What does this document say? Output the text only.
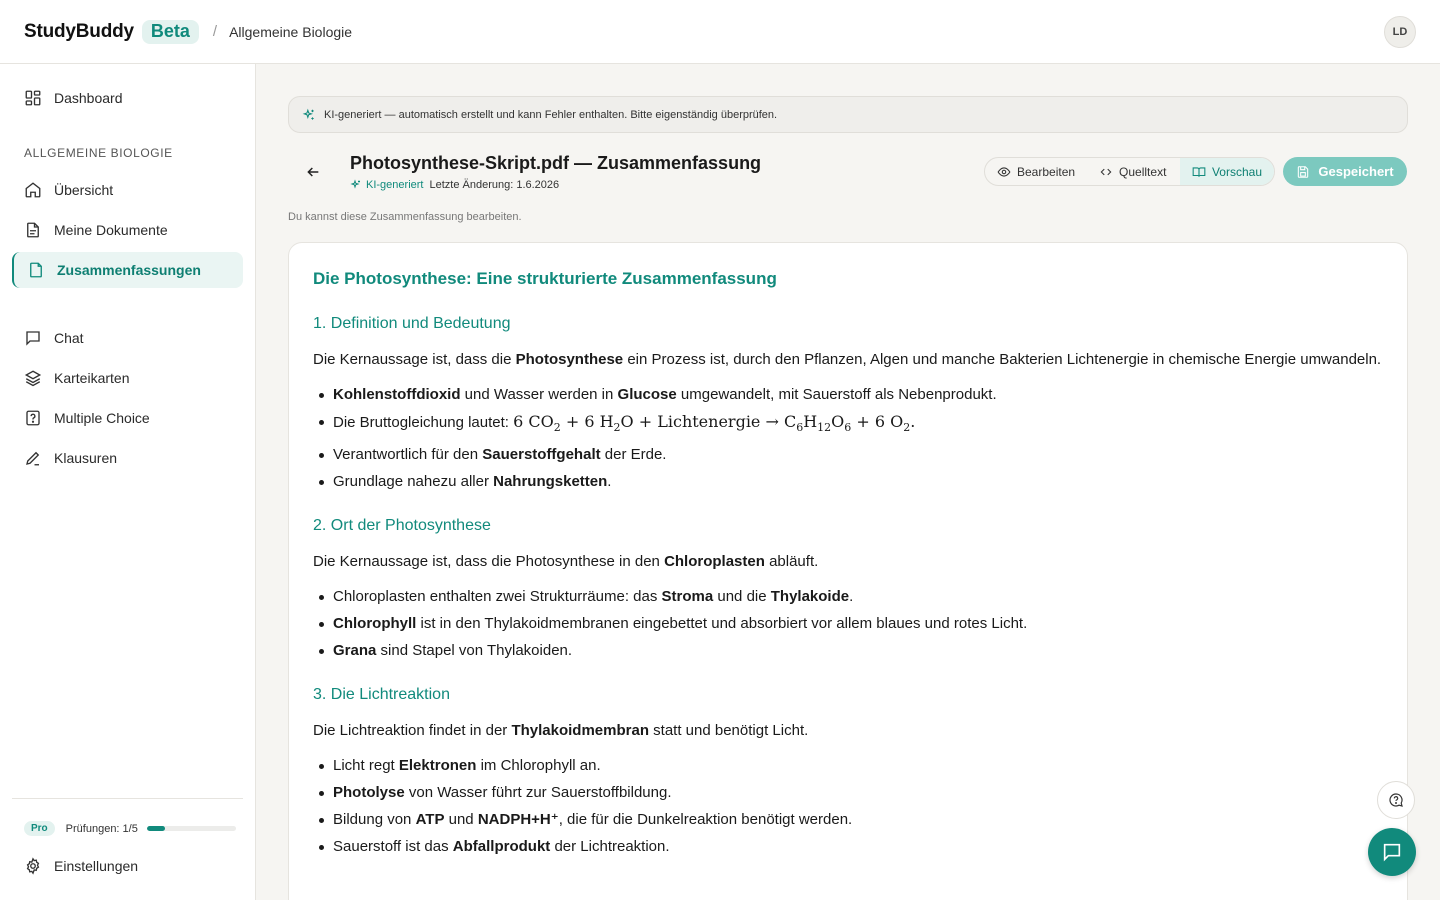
StudyBuddy Beta	/ Allgemeine Biologie	LD
Dashboard
ALLGEMEINE BIOLOGIE
Übersicht
Meine Dokumente
Zusammenfassungen
Chat
Karteikarten
Multiple Choice
Klausuren
Pro	Prüfungen: 1/5
Einstellungen
KI-generiert — automatisch erstellt und kann Fehler enthalten. Bitte eigenständig überprüfen.
Photosynthese-Skript.pdf — Zusammenfassung
KI-generiert Letzte Änderung: 1.6.2026
Bearbeiten	Quelltext	Vorschau	Gespeichert
Du kannst diese Zusammenfassung bearbeiten.
Die Photosynthese: Eine strukturierte Zusammenfassung
1. Definition und Bedeutung

Die Kernaussage ist, dass die Photosynthese ein Prozess ist, durch den Pflanzen, Algen und manche Bakterien Lichtenergie in chemische Energie umwandeln.

Kohlenstoffdioxid und Wasser werden in Glucose umgewandelt, mit Sauerstoff als Nebenprodukt.
Die Bruttogleichung lautet: 6 $CO_2 + 6$ $H_2O$ + Lichtenergie → $C_6H_{12}O_6 + 6$ $O_2$.
Verantwortlich für den Sauerstoffgehalt der Erde.
Grundlage nahezu aller Nahrungsketten.
2. Ort der Photosynthese

Die Kernaussage ist, dass die Photosynthese in den Chloroplasten abläuft.

Chloroplasten enthalten zwei Strukturräume: das Stroma und die Thylakoide.
Chlorophyll ist in den Thylakoidmembranen eingebettet und absorbiert vor allem blaues und rotes Licht.
Grana sind Stapel von Thylakoiden.
3. Die Lichtreaktion

Die Lichtreaktion findet in der Thylakoidmembran statt und benötigt Licht.

Licht regt Elektronen im Chlorophyll an.
Photolyse von Wasser führt zur Sauerstoffbildung.
Bildung von ATP und NADPH+H⁺, die für die Dunkelreaktion benötigt werden.
Sauerstoff ist das Abfallprodukt der Lichtreaktion.
